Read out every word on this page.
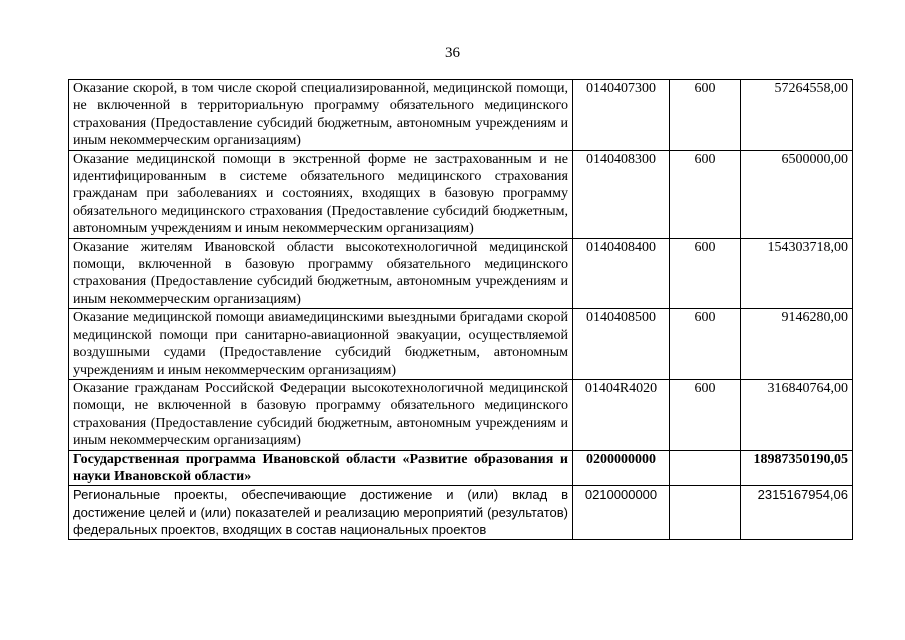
36
Оказание скорой, в том числе скорой специализированной, медицинской помощи, не включенной в территориальную программу обязательного медицинского страхования (Предоставление субсидий бюджетным, автономным учреждениям и иным некоммерческим организациям)	0140407300	600	57264558,00
Оказание медицинской помощи в экстренной форме не застрахованным и не идентифицированным в системе обязательного медицинского страхования гражданам при заболеваниях и состояниях, входящих в базовую программу обязательного медицинского страхования (Предоставление субсидий бюджетным, автономным учреждениям и иным некоммерческим организациям)	0140408300	600	6500000,00
Оказание жителям Ивановской области высокотехнологичной медицинской помощи, включенной в базовую программу обязательного медицинского страхования (Предоставление субсидий бюджетным, автономным учреждениям и иным некоммерческим организациям)	0140408400	600	154303718,00
Оказание медицинской помощи авиамедицинскими выездными бригадами скорой медицинской помощи при санитарно-авиационной эвакуации, осуществляемой воздушными судами (Предоставление субсидий бюджетным, автономным учреждениям и иным некоммерческим организациям)	0140408500	600	9146280,00
Оказание гражданам Российской Федерации высокотехнологичной медицинской помощи, не включенной в базовую программу обязательного медицинского страхования (Предоставление субсидий бюджетным, автономным учреждениям и иным некоммерческим организациям)	01404R4020	600	316840764,00
Государственная программа Ивановской области «Развитие образования и науки Ивановской области»	0200000000		18987350190,05
Региональные проекты, обеспечивающие достижение и (или) вклад в достижение целей и (или) показателей и реализацию мероприятий (результатов) федеральных проектов, входящих в состав национальных проектов	0210000000		2315167954,06
